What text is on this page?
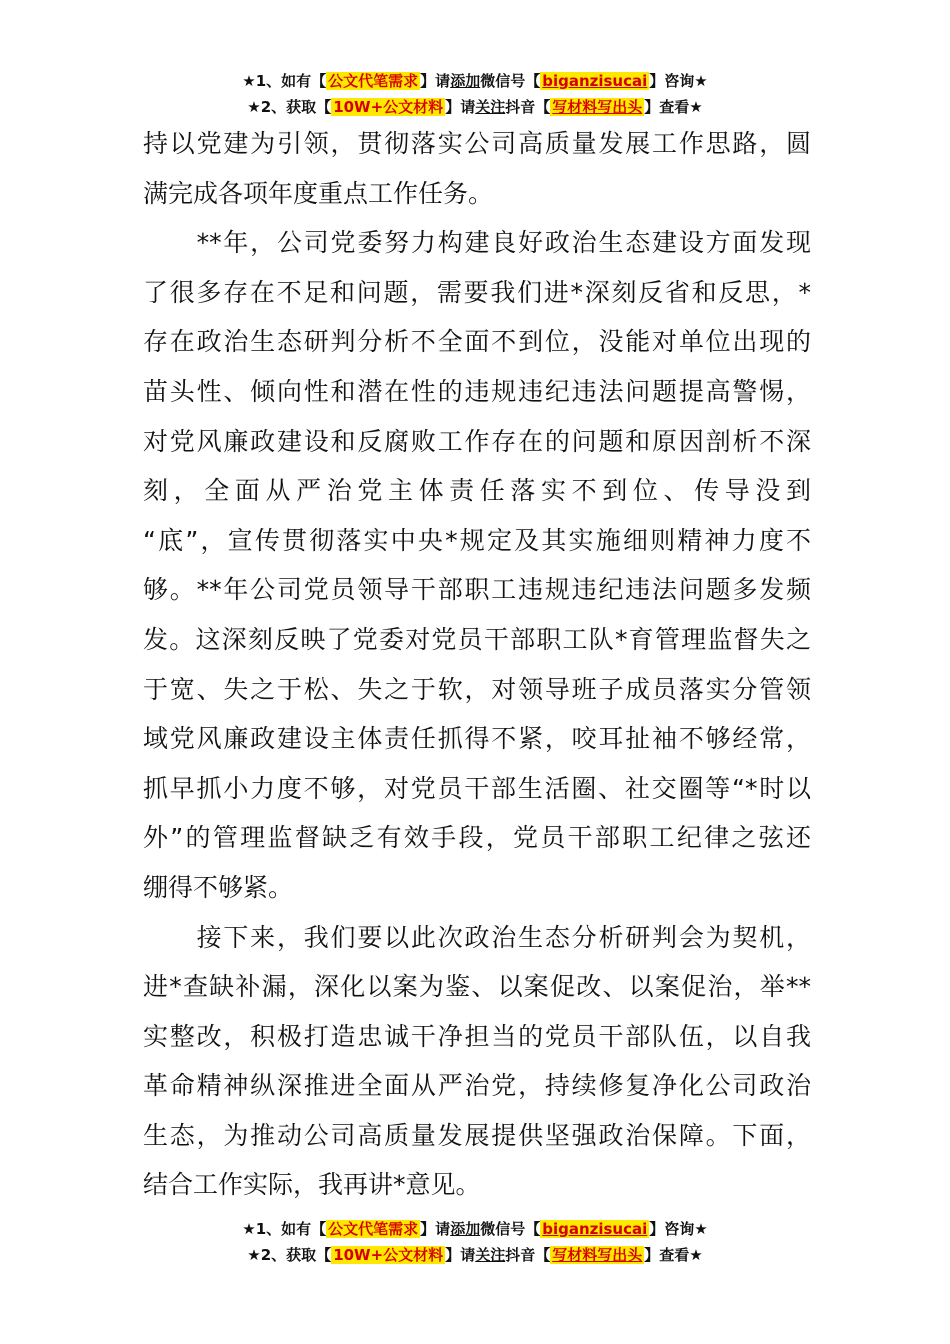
★1、如有【 公文代笔需求 】请添加微信号【 biganzisucai 】咨询★
★2、获取【 10W+公文材料 】请关注抖音【 写材料写出头 】查看★
持以党建为引领，贯彻落实公司高质量发展工作思路，圆
满完成各项年度重点工作任务。
　　**年，公司党委努力构建良好政治生态建设方面发现
了很多存在不足和问题，需要我们进*深刻反省和反思，*
存在政治生态研判分析不全面不到位，没能对单位出现的
苗头性、倾向性和潜在性的违规违纪违法问题提高警惕，
对党风廉政建设和反腐败工作存在的问题和原因剖析不深
刻，全面从严治党主体责任落实不到位、传导没到
“底”，宣传贯彻落实中央*规定及其实施细则精神力度不
够。**年公司党员领导干部职工违规违纪违法问题多发频
发。这深刻反映了党委对党员干部职工队*育管理监督失之
于宽、失之于松、失之于软，对领导班子成员落实分管领
域党风廉政建设主体责任抓得不紧，咬耳扯袖不够经常，
抓早抓小力度不够，对党员干部生活圈、社交圈等“*时以
外”的管理监督缺乏有效手段，党员干部职工纪律之弦还
绷得不够紧。
　　接下来，我们要以此次政治生态分析研判会为契机，
进*查缺补漏，深化以案为鉴、以案促改、以案促治，举**
实整改，积极打造忠诚干净担当的党员干部队伍，以自我
革命精神纵深推进全面从严治党，持续修复净化公司政治
生态，为推动公司高质量发展提供坚强政治保障。下面，
结合工作实际，我再讲*意见。
★1、如有【 公文代笔需求 】请添加微信号【 biganzisucai 】咨询★
★2、获取【 10W+公文材料 】请关注抖音【 写材料写出头 】查看★
